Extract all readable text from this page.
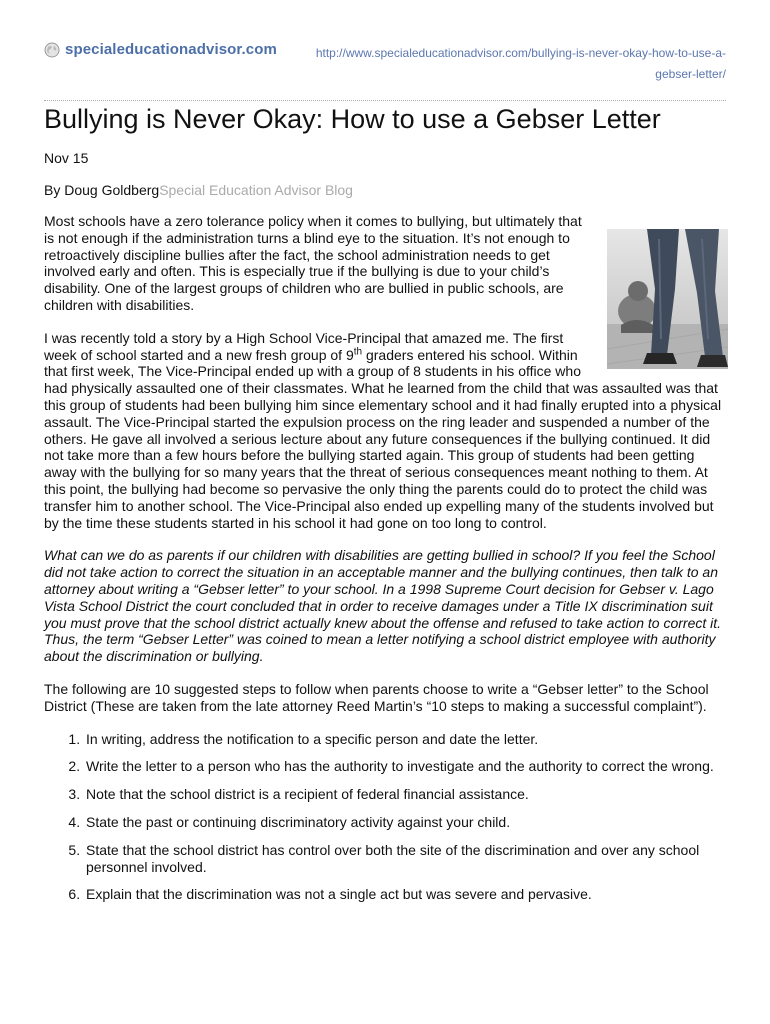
specialeducationadvisor.com	http://www.specialeducationadvisor.com/bullying-is-never-okay-how-to-use-a-gebser-letter/
Bullying is Never Okay: How to use a Gebser Letter
Nov 15
By Doug GoldbergSpecial Education Advisor Blog

Most schools have a zero tolerance policy when it comes to bullying, but ultimately that is not enough if the administration turns a blind eye to the situation. It’s not enough to retroactively discipline bullies after the fact, the school administration needs to get involved early and often. This is especially true if the bullying is due to your child’s disability. One of the largest groups of children who are bullied in public schools, are children with disabilities.

I was recently told a story by a High School Vice-Principal that amazed me. The first week of school started and a new fresh group of 9th graders entered his school. Within that first week, The Vice-Principal ended up with a group of 8 students in his office who had physically assaulted one of their classmates. What he learned from the child that was assaulted was that this group of students had been bullying him since elementary school and it had finally erupted into a physical assault. The Vice-Principal started the expulsion process on the ring leader and suspended a number of the others. He gave all involved a serious lecture about any future consequences if the bullying continued. It did not take more than a few hours before the bullying started again. This group of students had been getting away with the bullying for so many years that the threat of serious consequences meant nothing to them. At this point, the bullying had become so pervasive the only thing the parents could do to protect the child was transfer him to another school. The Vice-Principal also ended up expelling many of the students involved but by the time these students started in his school it had gone on too long to control.

What can we do as parents if our children with disabilities are getting bullied in school? If you feel the School did not take action to correct the situation in an acceptable manner and the bullying continues, then talk to an attorney about writing a “Gebser letter” to your school. In a 1998 Supreme Court decision for Gebser v. Lago Vista School District the court concluded that in order to receive damages under a Title IX discrimination suit you must prove that the school district actually knew about the offense and refused to take action to correct it. Thus, the term “Gebser Letter” was coined to mean a letter notifying a school district employee with authority about the discrimination or bullying.

The following are 10 suggested steps to follow when parents choose to write a “Gebser letter” to the School District (These are taken from the late attorney Reed Martin’s “10 steps to making a successful complaint”).

1. In writing, address the notification to a specific person and date the letter.
2. Write the letter to a person who has the authority to investigate and the authority to correct the wrong.
3. Note that the school district is a recipient of federal financial assistance.
4. State the past or continuing discriminatory activity against your child.
5. State that the school district has control over both the site of the discrimination and over any school personnel involved.
6. Explain that the discrimination was not a single act but was severe and pervasive.
